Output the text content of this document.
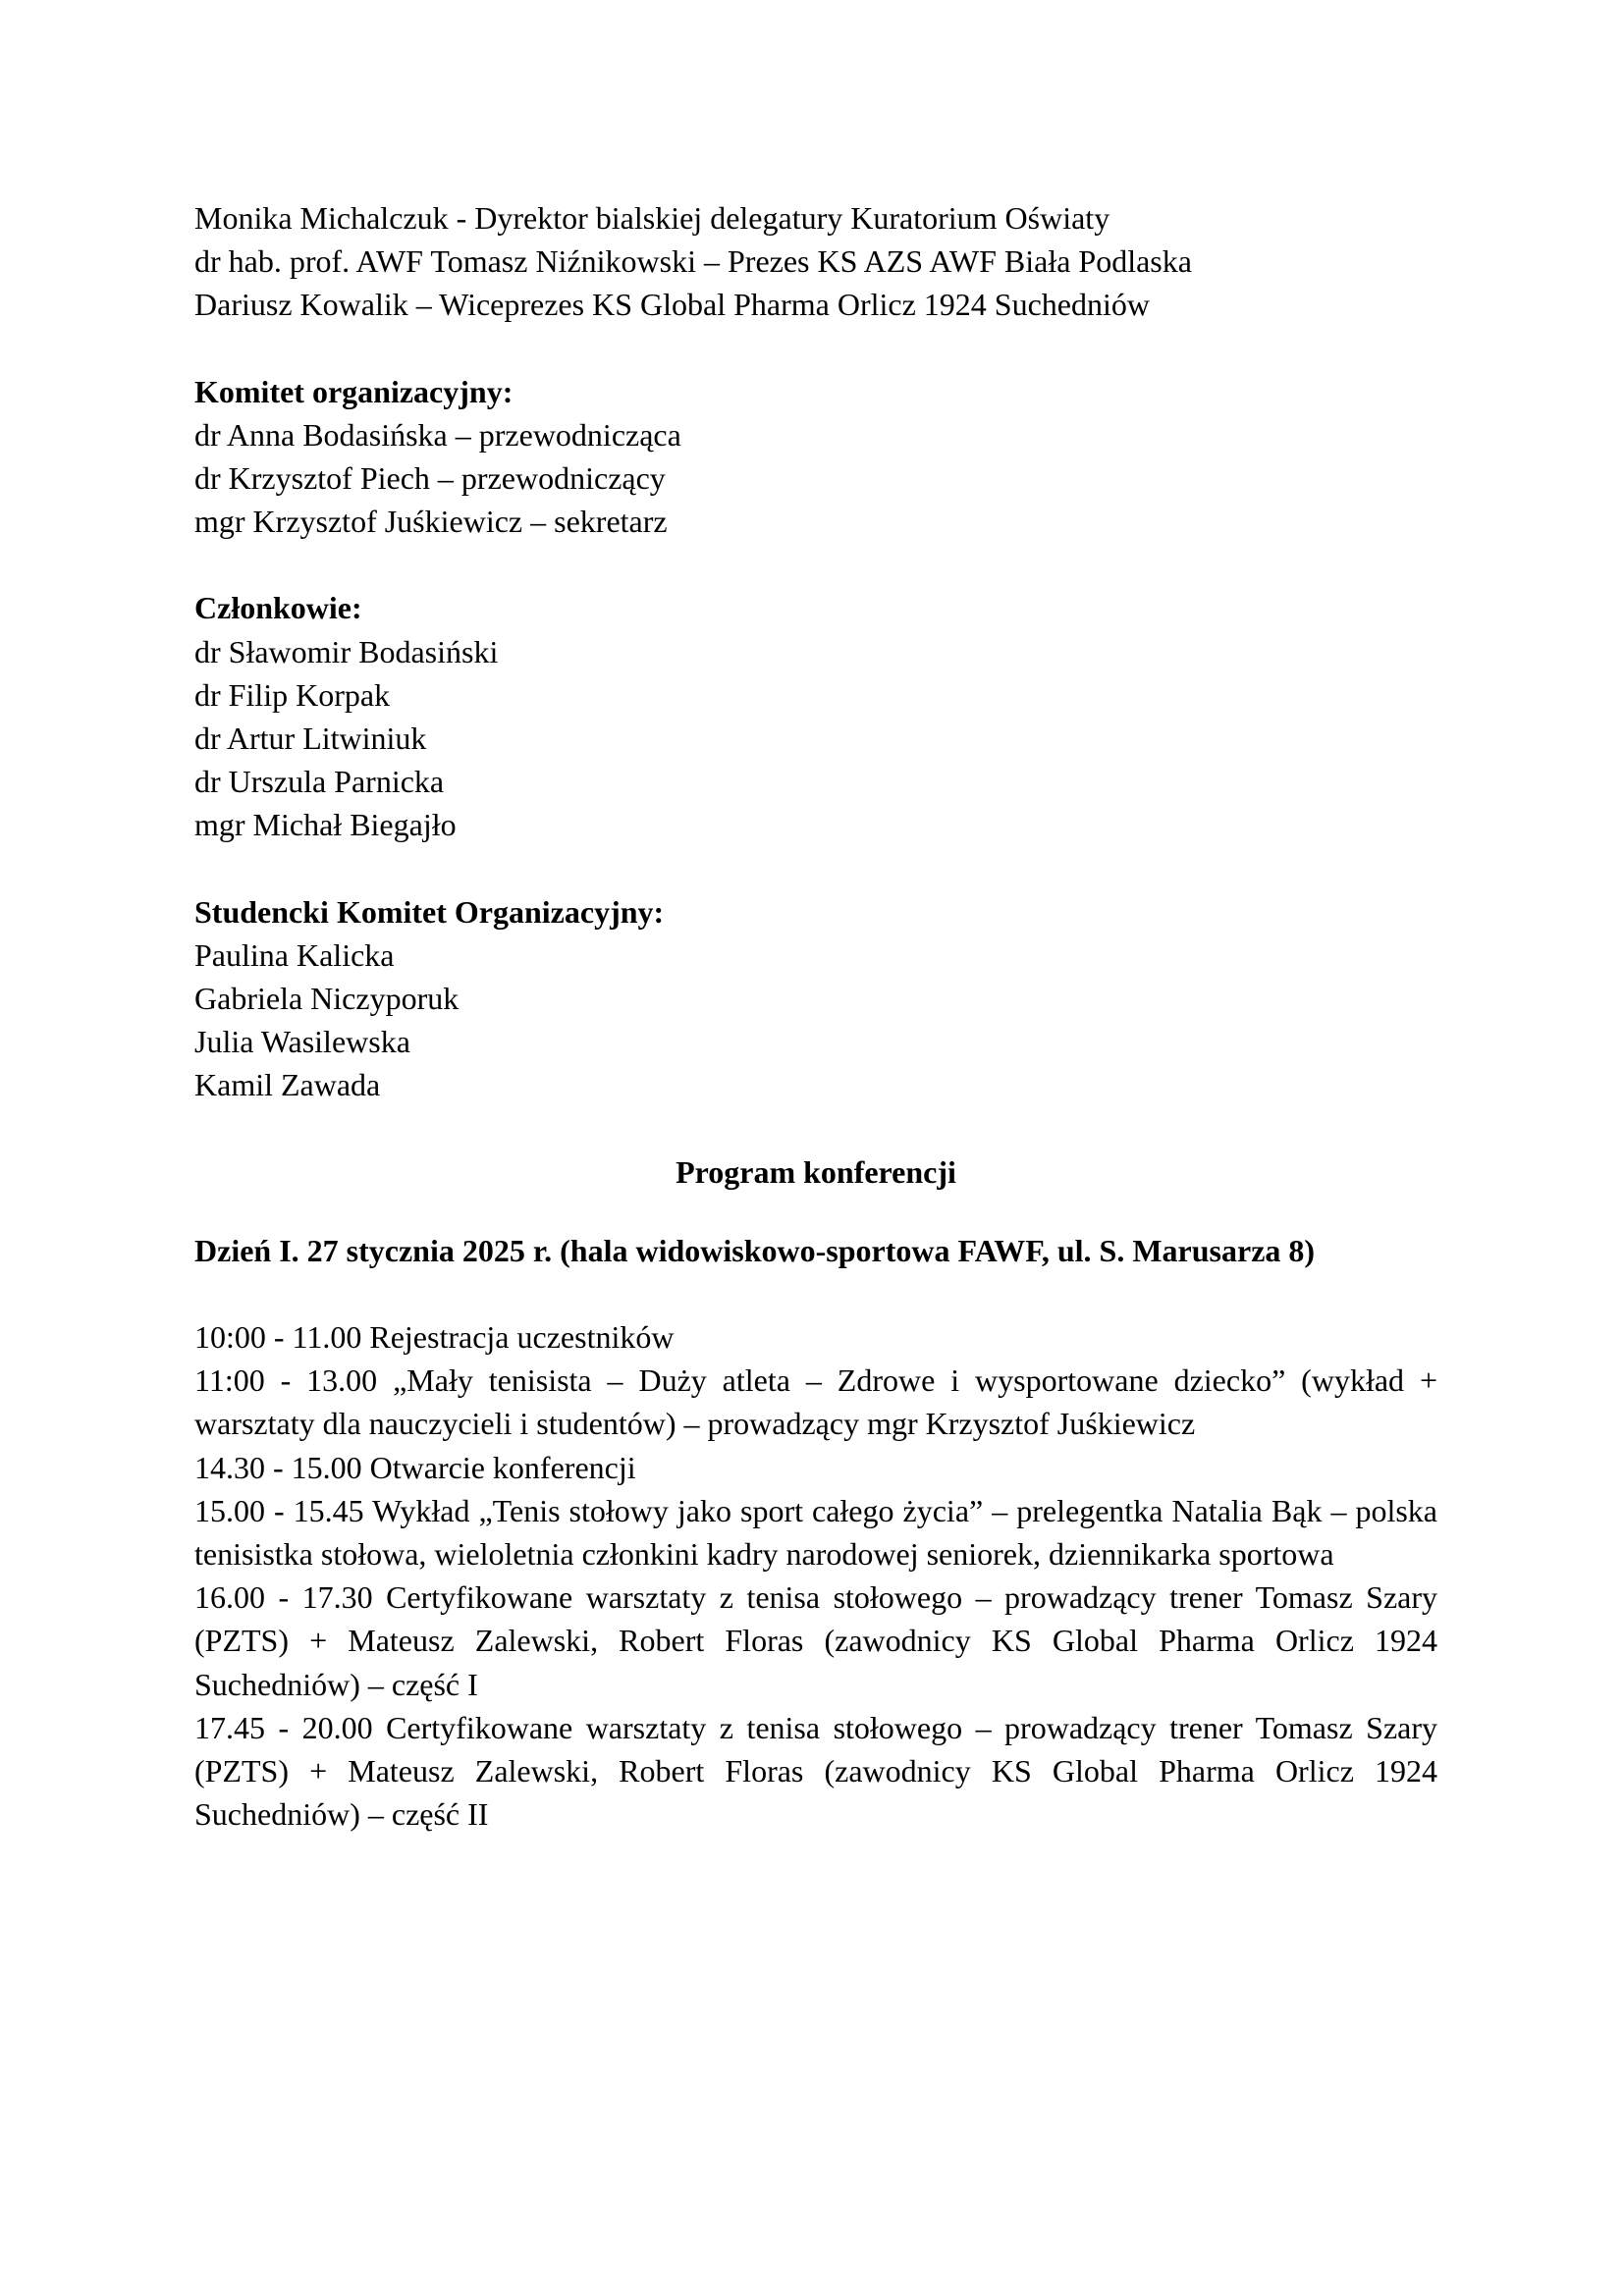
Monika Michalczuk - Dyrektor bialskiej delegatury Kuratorium Oświaty

dr hab. prof. AWF Tomasz Niźnikowski – Prezes KS AZS AWF Biała Podlaska

Dariusz Kowalik – Wiceprezes KS Global Pharma Orlicz 1924 Suchedniów

Komitet organizacyjny:

dr Anna Bodasińska – przewodnicząca

dr Krzysztof Piech – przewodniczący

mgr Krzysztof Juśkiewicz – sekretarz

Członkowie:

dr Sławomir Bodasiński

dr Filip Korpak

dr Artur Litwiniuk

dr Urszula Parnicka

mgr Michał Biegajło

Studencki Komitet Organizacyjny:

Paulina Kalicka

Gabriela Niczyporuk

Julia Wasilewska

Kamil Zawada

Program konferencji

Dzień I. 27 stycznia 2025 r. (hala widowiskowo-sportowa FAWF, ul. S. Marusarza 8)

10:00 - 11.00 Rejestracja uczestników

11:00 - 13.00 „Mały tenisista – Duży atleta – Zdrowe i wysportowane dziecko” (wykład + warsztaty dla nauczycieli i studentów) – prowadzący mgr Krzysztof Juśkiewicz

14.30 - 15.00 Otwarcie konferencji

15.00 - 15.45 Wykład „Tenis stołowy jako sport całego życia” – prelegentka Natalia Bąk – polska tenisistka stołowa, wieloletnia członkini kadry narodowej seniorek, dziennikarka sportowa

16.00 - 17.30 Certyfikowane warsztaty z tenisa stołowego – prowadzący trener Tomasz Szary (PZTS) + Mateusz Zalewski, Robert Floras (zawodnicy KS Global Pharma Orlicz 1924 Suchedniów) – część I

17.45 - 20.00 Certyfikowane warsztaty z tenisa stołowego – prowadzący trener Tomasz Szary (PZTS) + Mateusz Zalewski, Robert Floras (zawodnicy KS Global Pharma Orlicz 1924 Suchedniów) – część II
